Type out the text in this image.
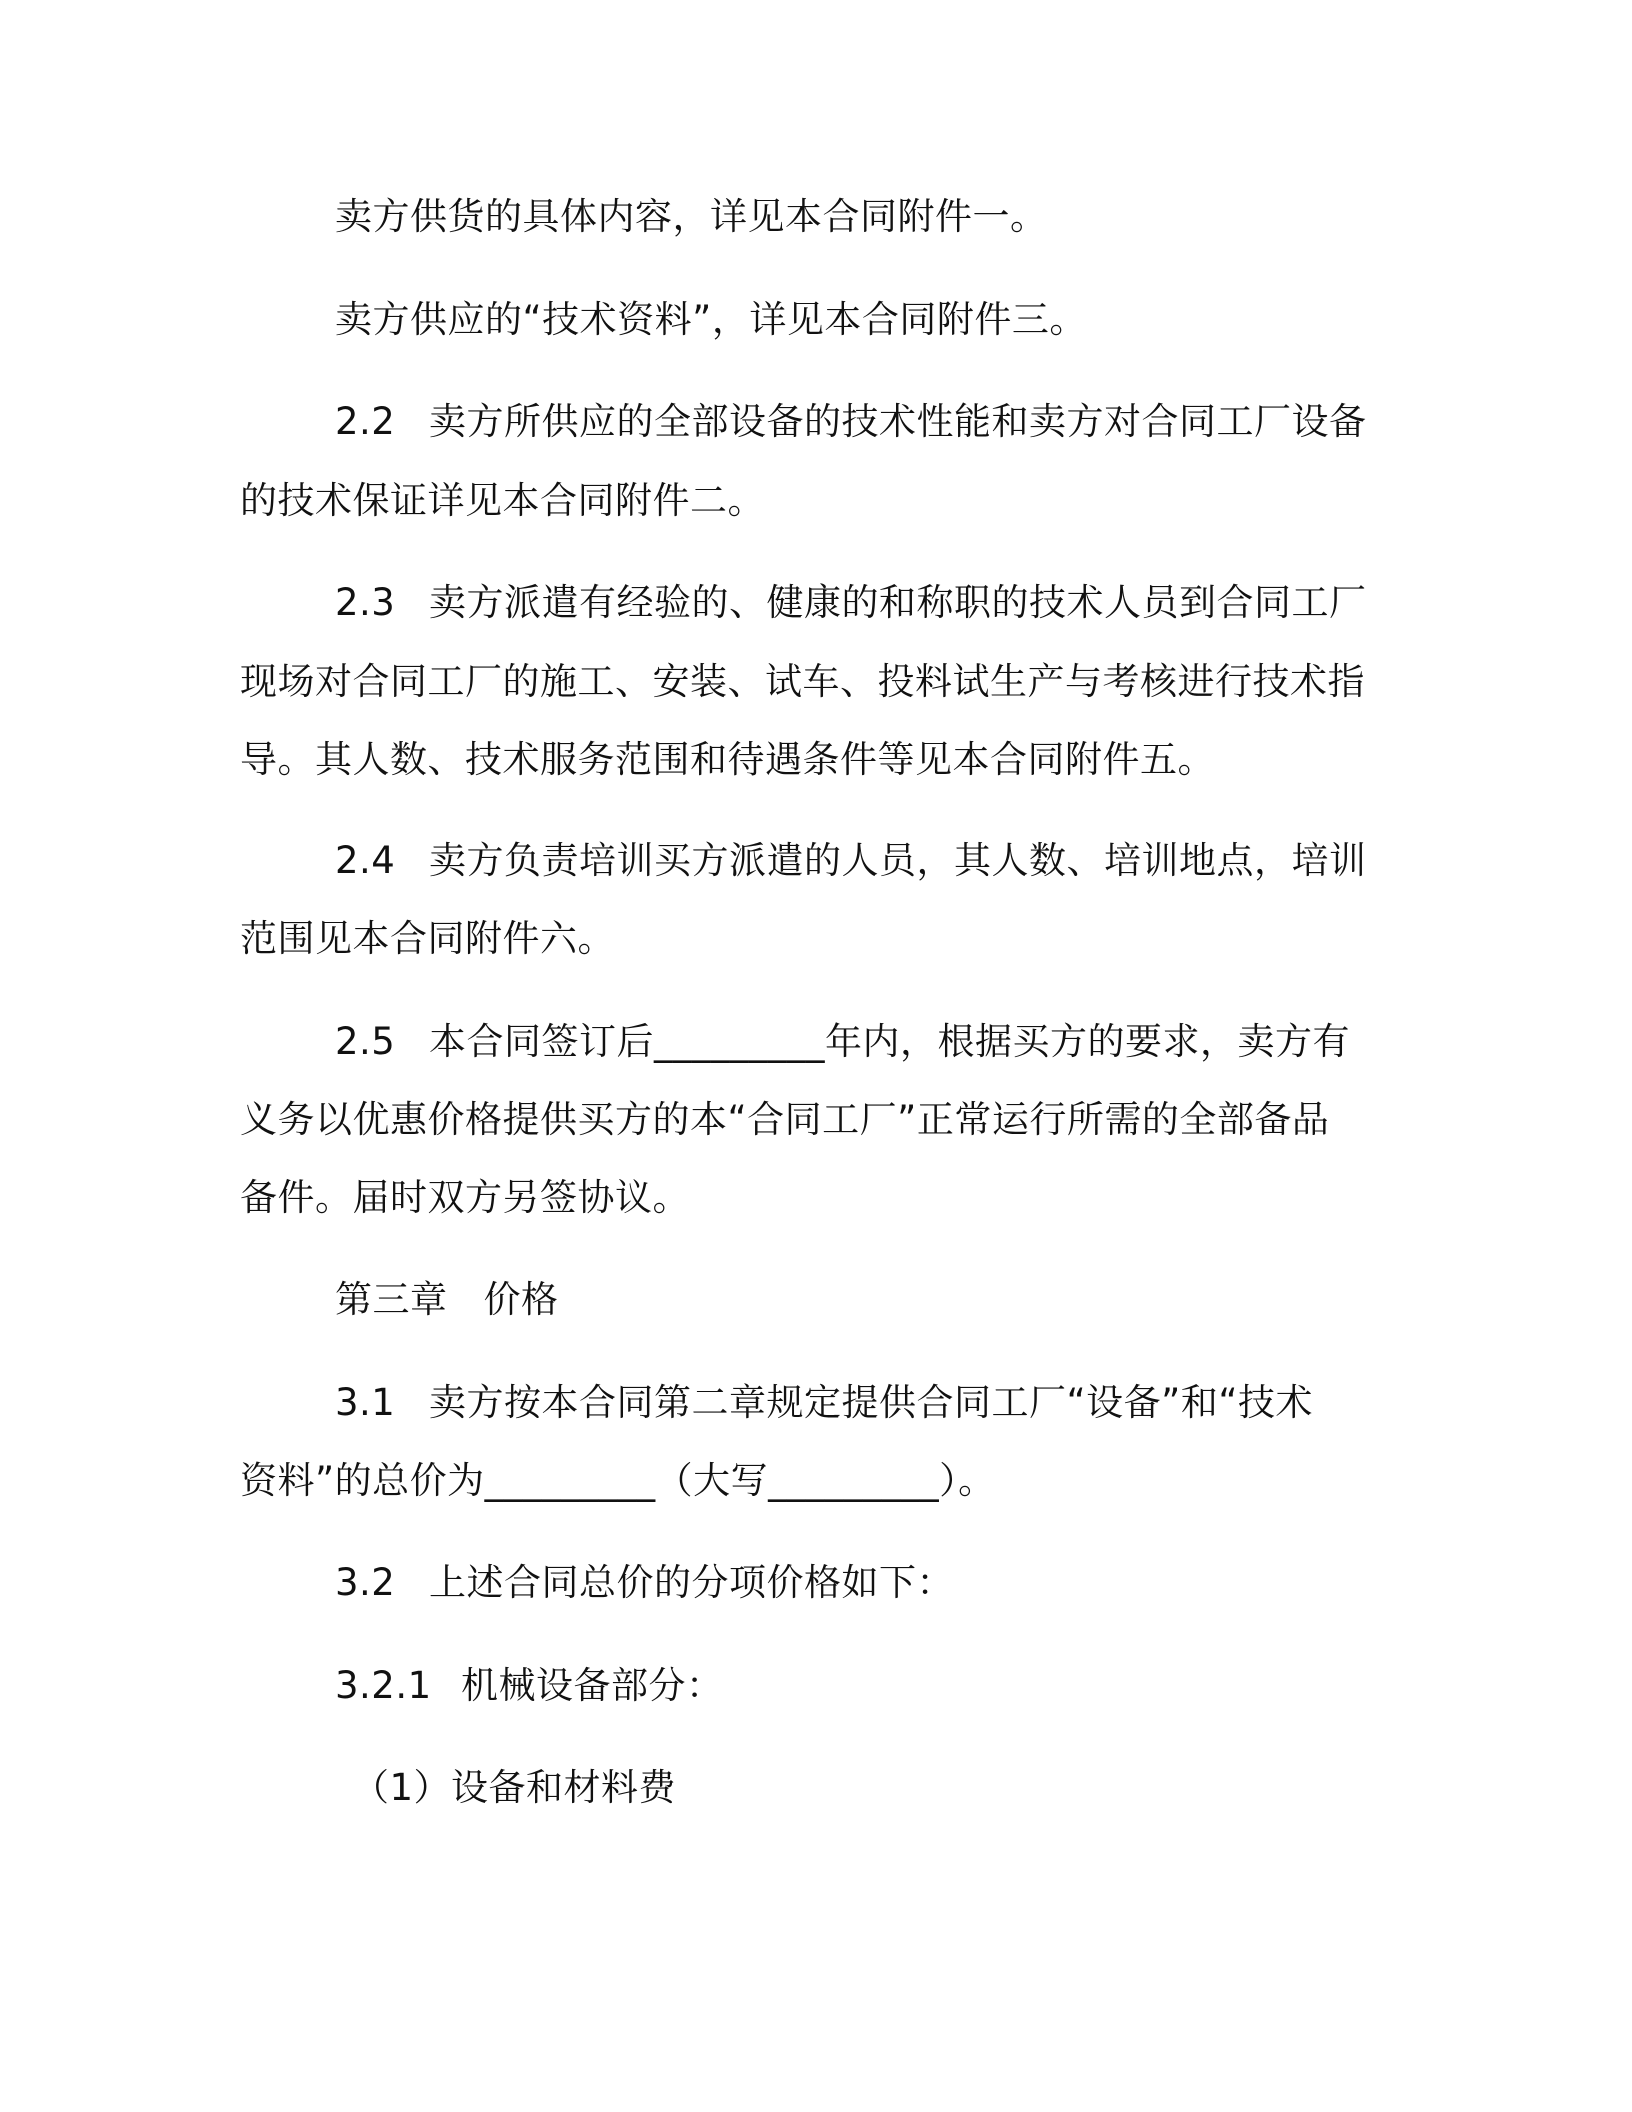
卖方供货的具体内容，详见本合同附件一。
卖方供应的“技术资料”，详见本合同附件三。
2.2 卖方所供应的全部设备的技术性能和卖方对合同工厂设备
的技术保证详见本合同附件二。
2.3 卖方派遣有经验的、健康的和称职的技术人员到合同工厂
现场对合同工厂的施工、安装、试车、投料试生产与考核进行技术指
导。其人数、技术服务范围和待遇条件等见本合同附件五。
2.4 卖方负责培训买方派遣的人员，其人数、培训地点，培训
范围见本合同附件六。
2.5 本合同签订后_________年内，根据买方的要求，卖方有
义务以优惠价格提供买方的本“合同工厂”正常运行所需的全部备品
备件。届时双方另签协议。
第三章 价格
3.1 卖方按本合同第二章规定提供合同工厂“设备”和“技术
资料”的总价为_________（大写_________）。
3.2 上述合同总价的分项价格如下：
3.2.1 机械设备部分：
（1）设备和材料费
